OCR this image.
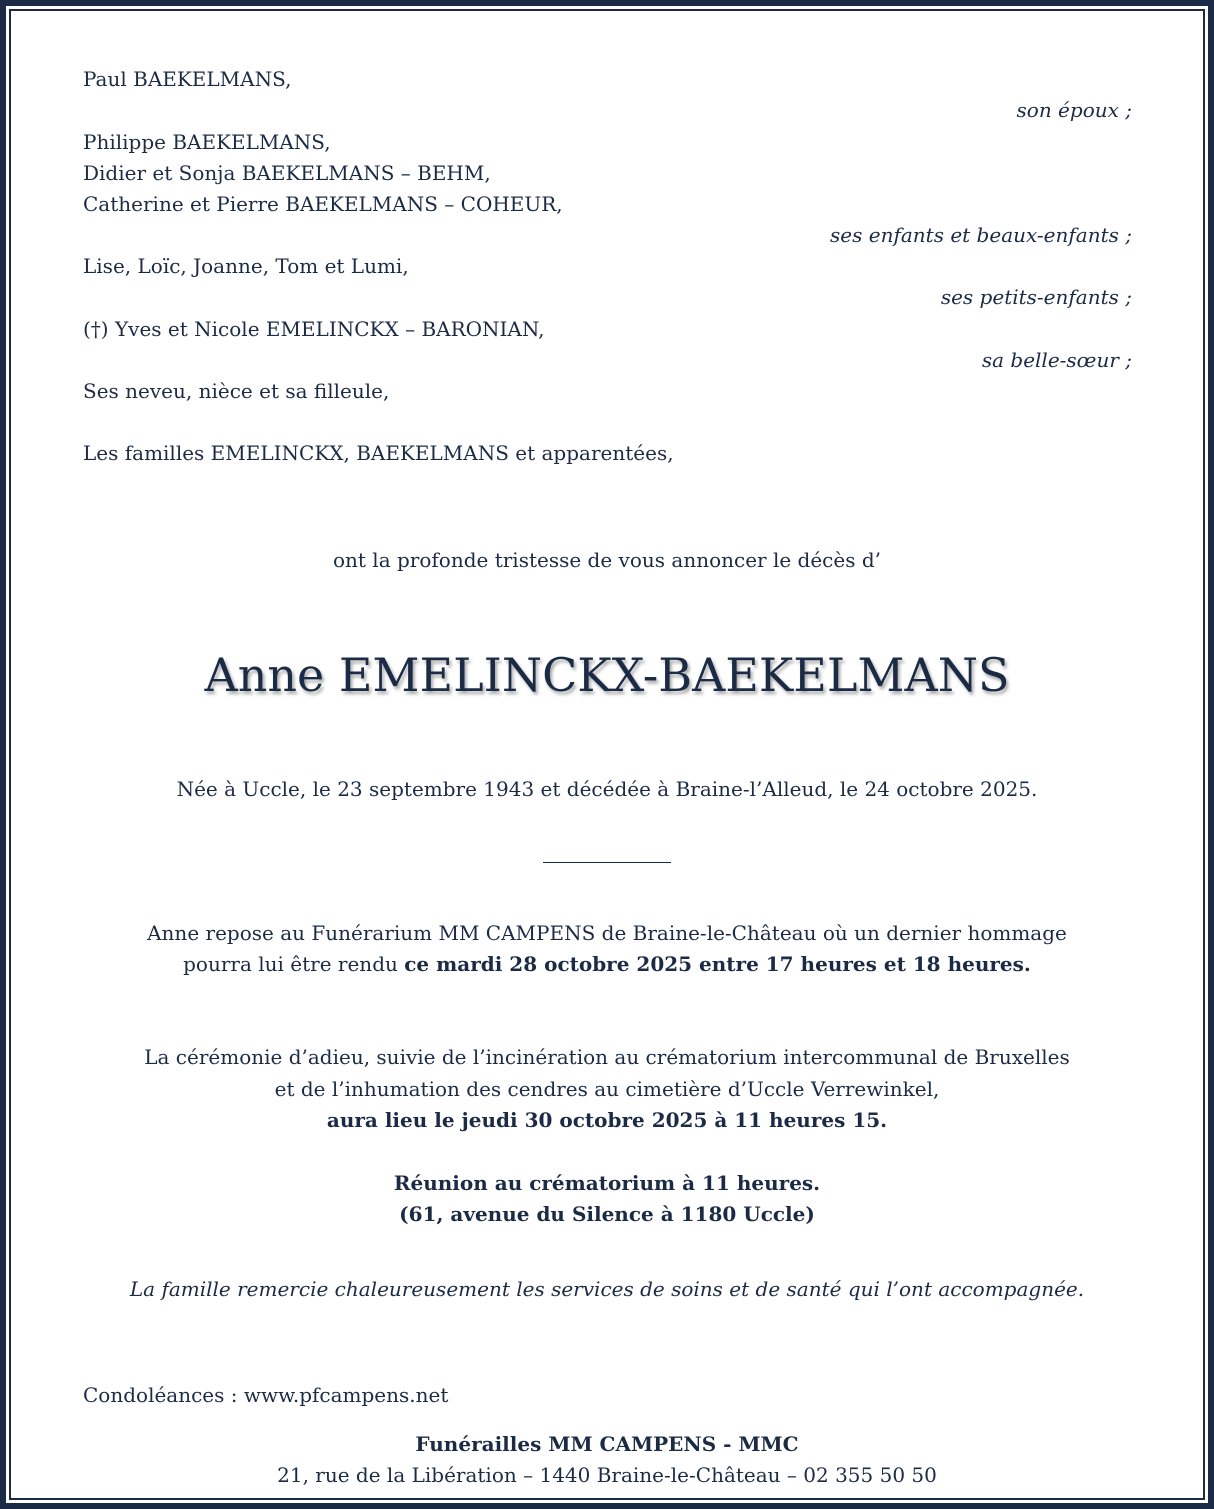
Paul BAEKELMANS,
son époux ;
Philippe BAEKELMANS,
Didier et Sonja BAEKELMANS – BEHM,
Catherine et Pierre BAEKELMANS – COHEUR,
ses enfants et beaux-enfants ;
Lise, Loïc, Joanne, Tom et Lumi,
ses petits-enfants ;
(†) Yves et Nicole EMELINCKX – BARONIAN,
sa belle-sœur ;
Ses neveu, nièce et sa filleule,
Les familles EMELINCKX, BAEKELMANS et apparentées,
ont la profonde tristesse de vous annoncer le décès d’
Anne EMELINCKX-BAEKELMANS
Née à Uccle, le 23 septembre 1943 et décédée à Braine-l’Alleud, le 24 octobre 2025.
Anne repose au Funérarium MM CAMPENS de Braine-le-Château où un dernier hommage
pourra lui être rendu ce mardi 28 octobre 2025 entre 17 heures et 18 heures.
La cérémonie d’adieu, suivie de l’incinération au crématorium intercommunal de Bruxelles
et de l’inhumation des cendres au cimetière d’Uccle Verrewinkel,
aura lieu le jeudi 30 octobre 2025 à 11 heures 15.
Réunion au crématorium à 11 heures.
(61, avenue du Silence à 1180 Uccle)
La famille remercie chaleureusement les services de soins et de santé qui l’ont accompagnée.
Condoléances : www.pfcampens.net
Funérailles MM CAMPENS - MMC
21, rue de la Libération – 1440 Braine-le-Château – 02 355 50 50
